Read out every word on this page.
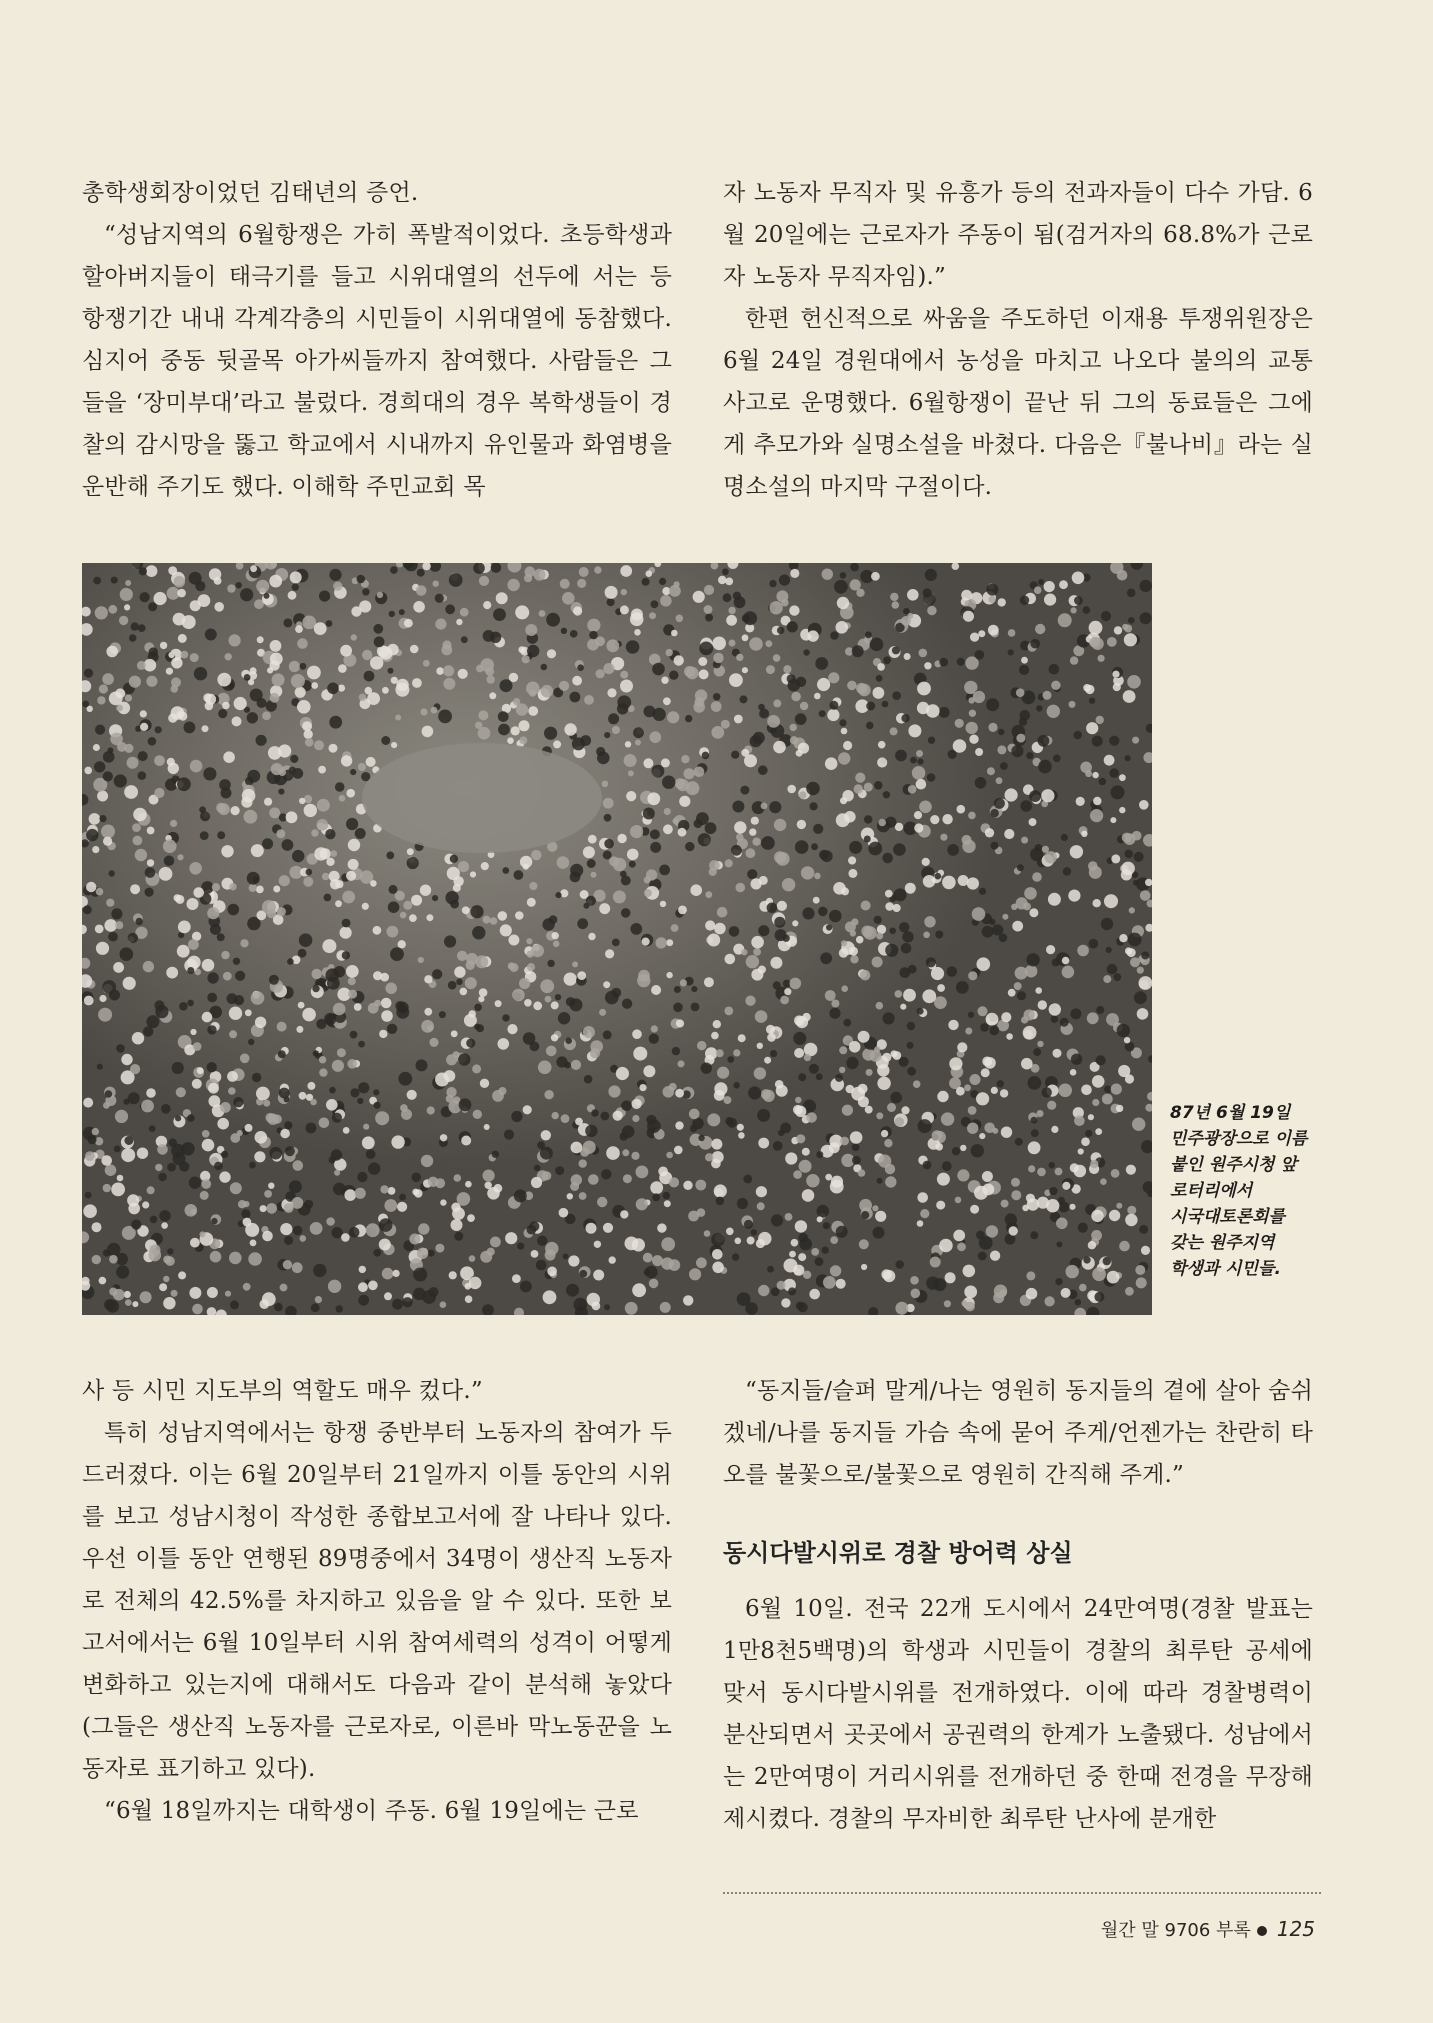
총학생회장이었던 김태년의 증언.

“성남지역의 6월항쟁은 가히 폭발적이었다. 초등학생과 할아버지들이 태극기를 들고 시위대열의 선두에 서는 등 항쟁기간 내내 각계각층의 시민들이 시위대열에 동참했다. 심지어 중동 뒷골목 아가씨들까지 참여했다. 사람들은 그들을 ‘장미부대’라고 불렀다. 경희대의 경우 복학생들이 경찰의 감시망을 뚫고 학교에서 시내까지 유인물과 화염병을 운반해 주기도 했다. 이해학 주민교회 목

자 노동자 무직자 및 유흥가 등의 전과자들이 다수 가담. 6월 20일에는 근로자가 주동이 됨(검거자의 68.8%가 근로자 노동자 무직자임).”

한편 헌신적으로 싸움을 주도하던 이재용 투쟁위원장은 6월 24일 경원대에서 농성을 마치고 나오다 불의의 교통사고로 운명했다. 6월항쟁이 끝난 뒤 그의 동료들은 그에게 추모가와 실명소설을 바쳤다. 다음은『불나비』라는 실명소설의 마지막 구절이다.

87년 6월 19일
민주광장으로 이름
붙인 원주시청 앞
로터리에서
시국대토론회를
갖는 원주지역
학생과 시민들.

사 등 시민 지도부의 역할도 매우 컸다.”

특히 성남지역에서는 항쟁 중반부터 노동자의 참여가 두드러졌다. 이는 6월 20일부터 21일까지 이틀 동안의 시위를 보고 성남시청이 작성한 종합보고서에 잘 나타나 있다. 우선 이틀 동안 연행된 89명중에서 34명이 생산직 노동자로 전체의 42.5%를 차지하고 있음을 알 수 있다. 또한 보고서에서는 6월 10일부터 시위 참여세력의 성격이 어떻게 변화하고 있는지에 대해서도 다음과 같이 분석해 놓았다(그들은 생산직 노동자를 근로자로, 이른바 막노동꾼을 노동자로 표기하고 있다).

“6월 18일까지는 대학생이 주동. 6월 19일에는 근로

“동지들/슬퍼 말게/나는 영원히 동지들의 곁에 살아 숨쉬겠네/나를 동지들 가슴 속에 묻어 주게/언젠가는 찬란히 타오를 불꽃으로/불꽃으로 영원히 간직해 주게.”

동시다발시위로 경찰 방어력 상실

6월 10일. 전국 22개 도시에서 24만여명(경찰 발표는 1만8천5백명)의 학생과 시민들이 경찰의 최루탄 공세에 맞서 동시다발시위를 전개하였다. 이에 따라 경찰병력이 분산되면서 곳곳에서 공권력의 한계가 노출됐다. 성남에서는 2만여명이 거리시위를 전개하던 중 한때 전경을 무장해제시켰다. 경찰의 무자비한 최루탄 난사에 분개한

월간 말 9706 부록 125
